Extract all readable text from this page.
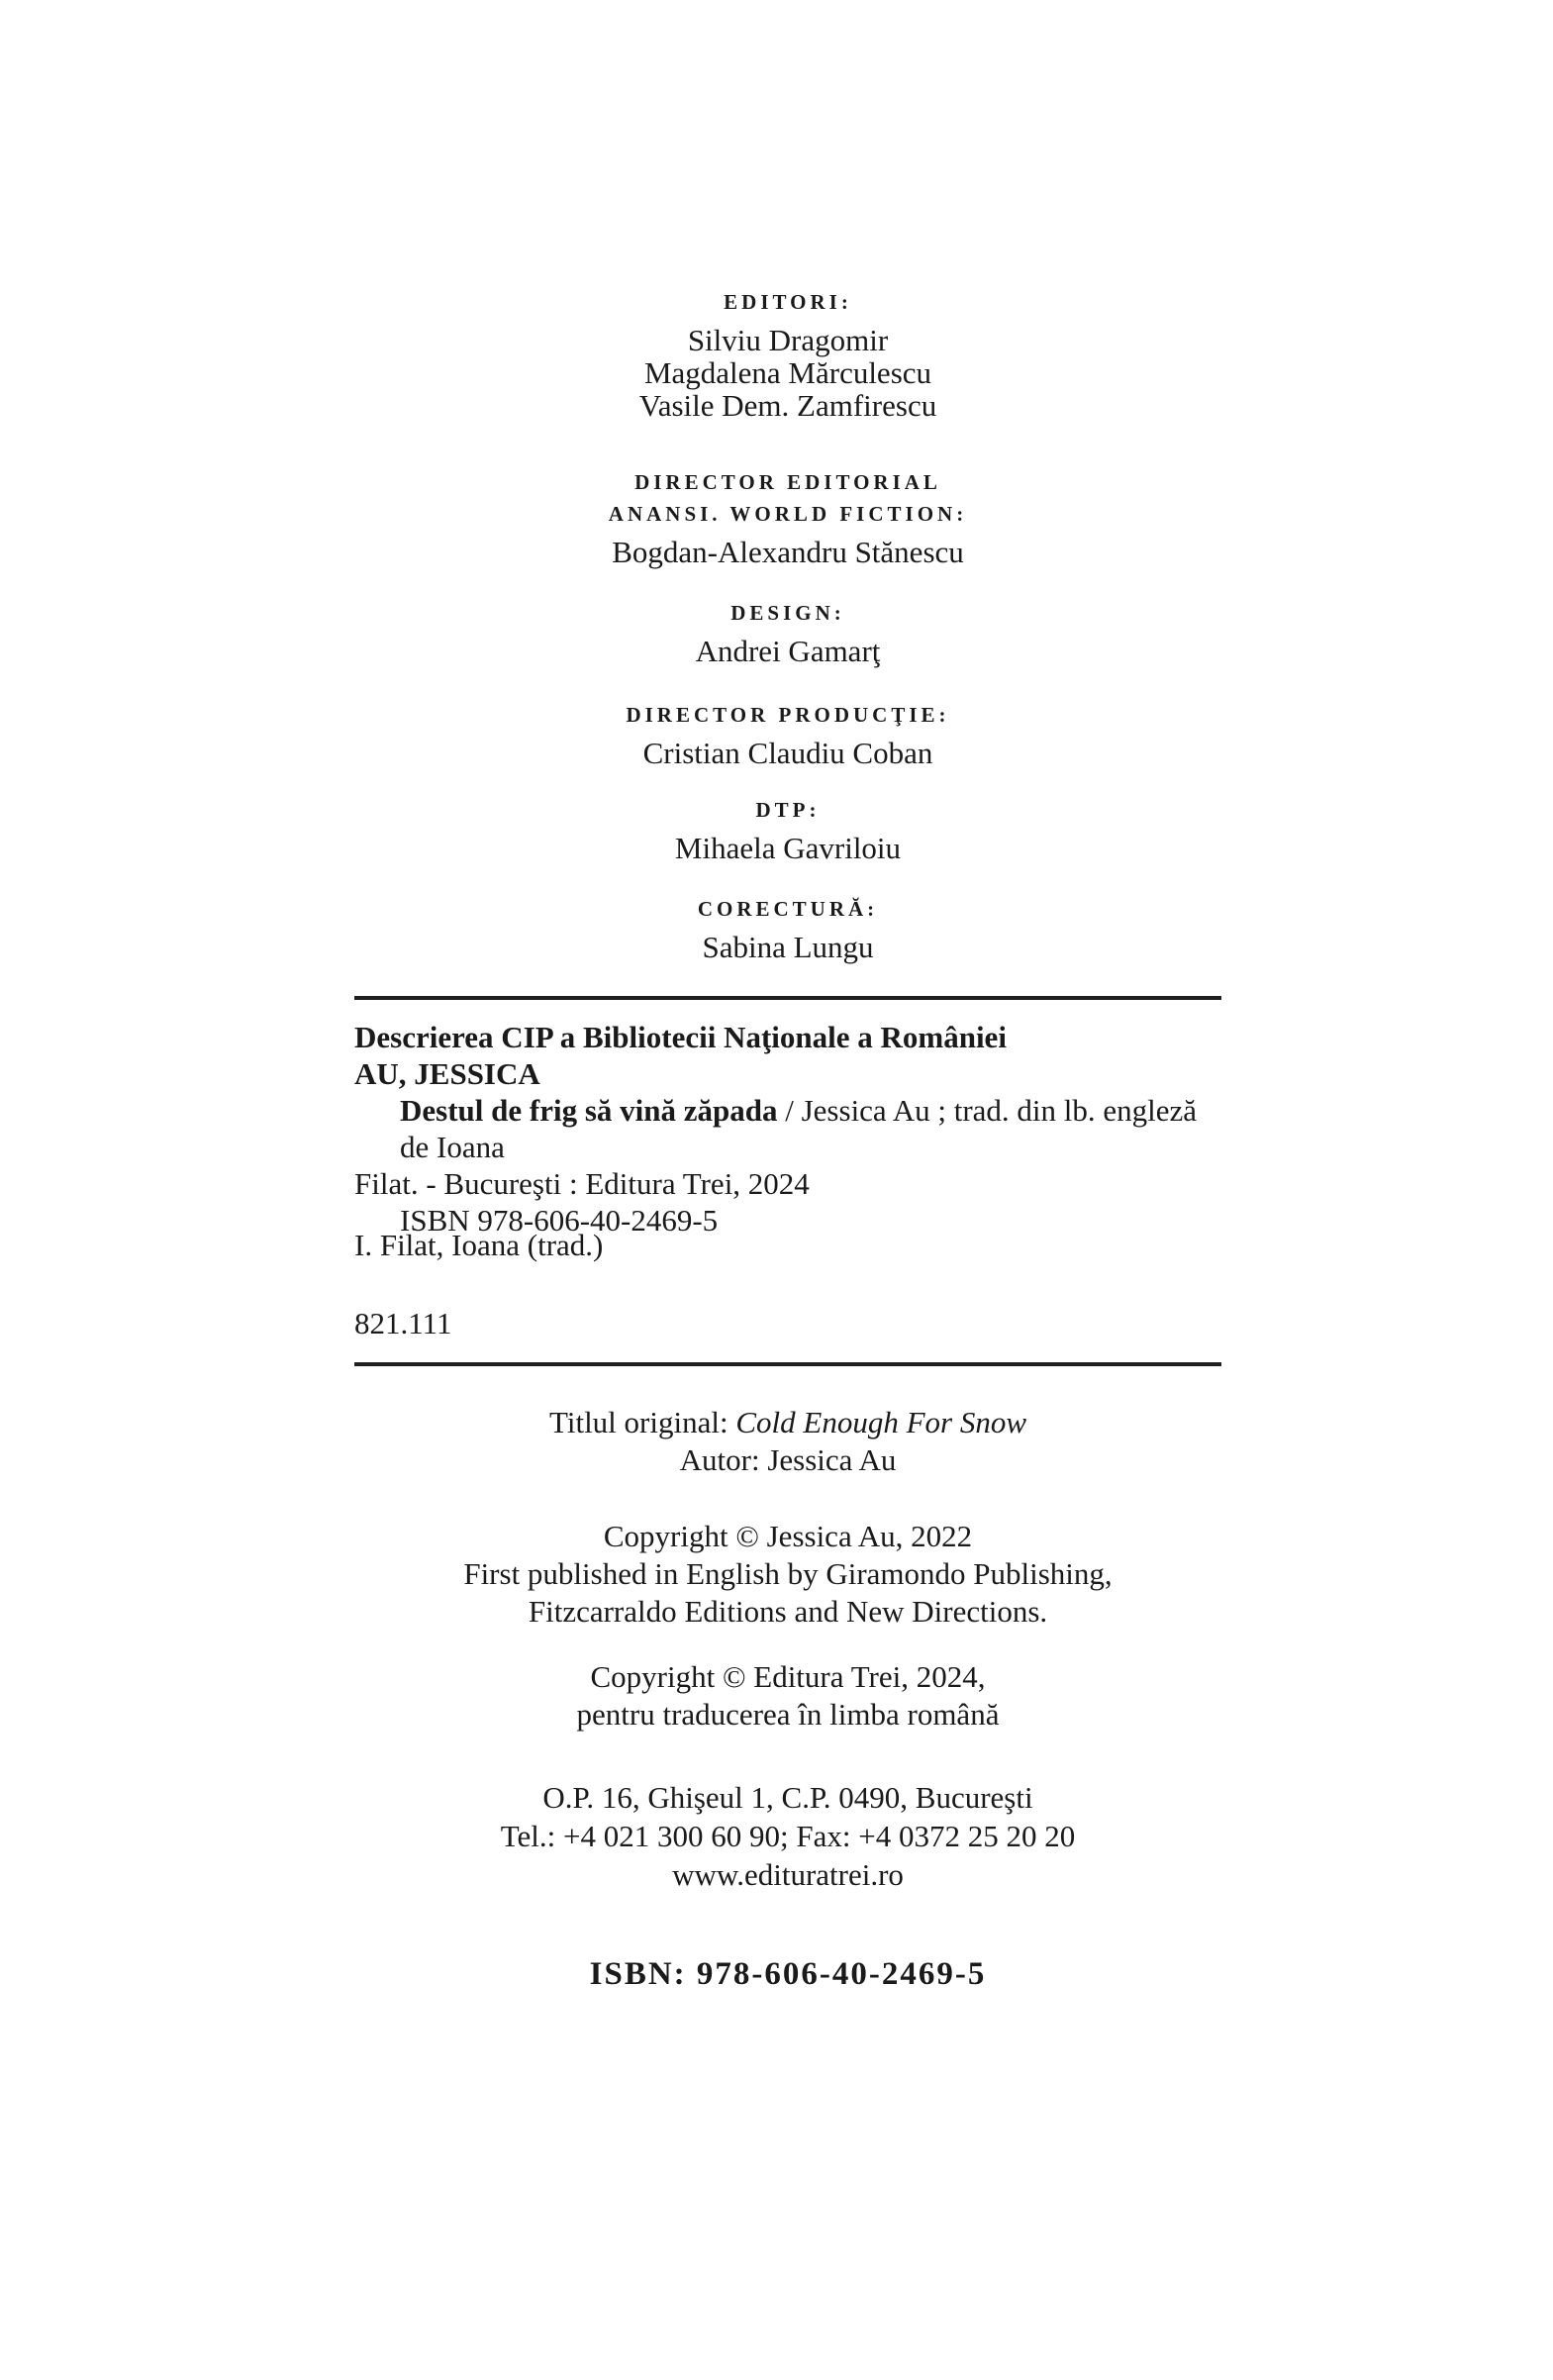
EDITORI:
Silviu Dragomir
Magdalena Mărculescu
Vasile Dem. Zamfirescu
DIRECTOR EDITORIAL
ANANSI. WORLD FICTION:
Bogdan-Alexandru Stănescu
DESIGN:
Andrei Gamarţ
DIRECTOR PRODUCŢIE:
Cristian Claudiu Coban
DTP:
Mihaela Gavriloiu
CORECTURĂ:
Sabina Lungu
Descrierea CIP a Bibliotecii Naţionale a României
AU, JESSICA
Destul de frig să vină zăpada / Jessica Au ; trad. din lb. engleză de Ioana
Filat. - Bucureşti : Editura Trei, 2024
ISBN 978-606-40-2469-5
I. Filat, Ioana (trad.)
821.111
Titlul original: Cold Enough For Snow
Autor: Jessica Au
Copyright © Jessica Au, 2022
First published in English by Giramondo Publishing,
Fitzcarraldo Editions and New Directions.
Copyright © Editura Trei, 2024,
pentru traducerea în limba română
O.P. 16, Ghişeul 1, C.P. 0490, Bucureşti
Tel.: +4 021 300 60 90; Fax: +4 0372 25 20 20
www.edituratrei.ro
ISBN: 978-606-40-2469-5
